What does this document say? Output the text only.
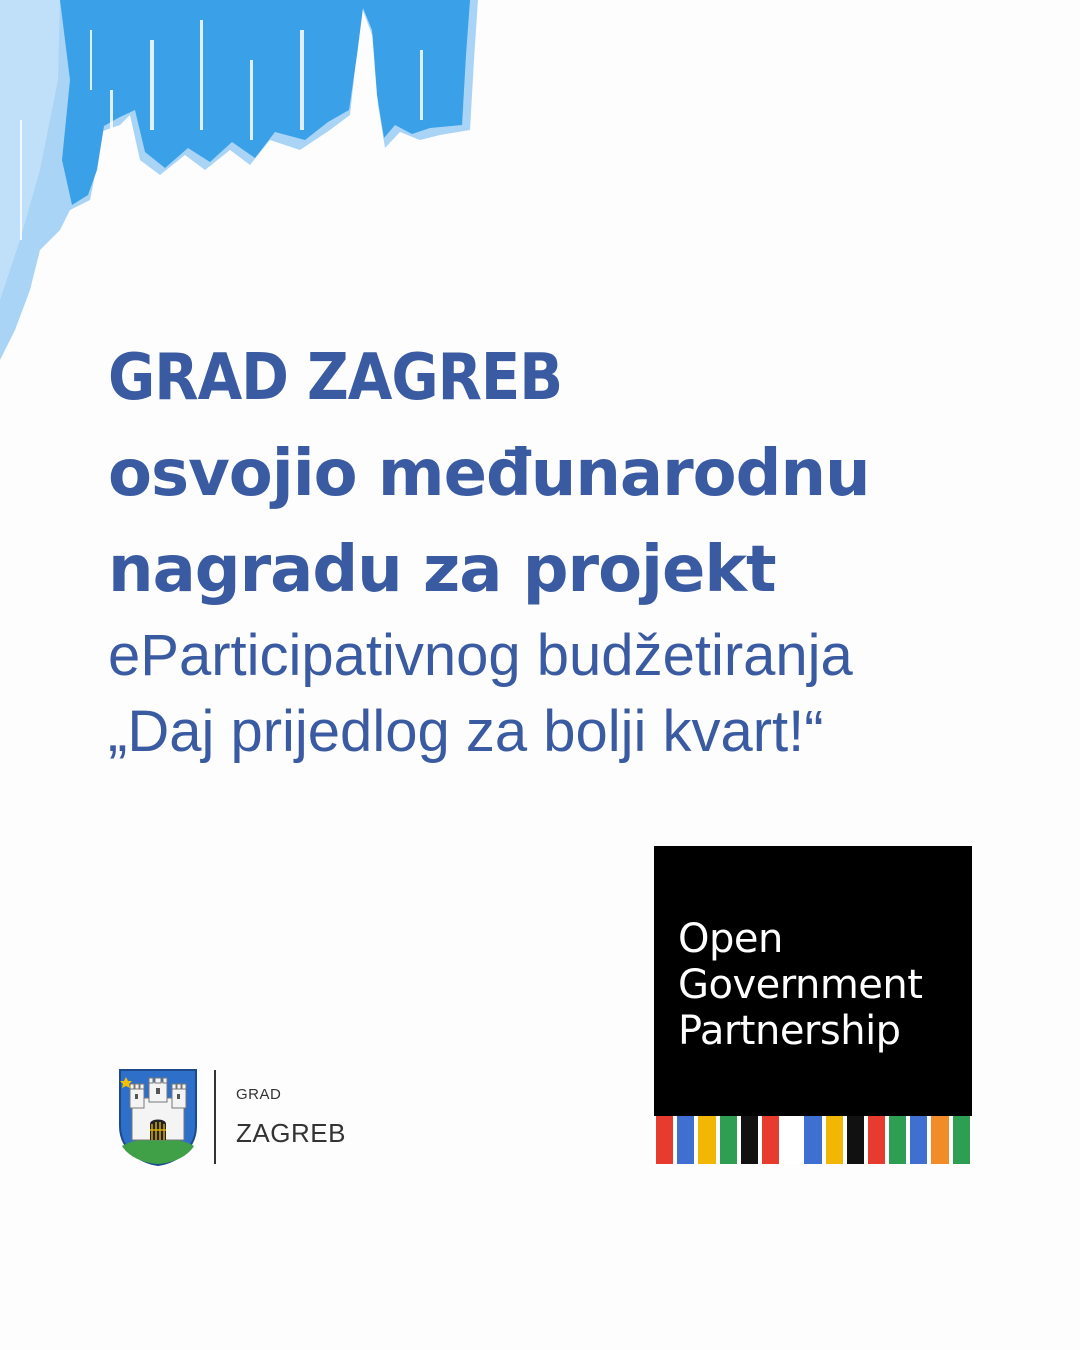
GRAD ZAGREB
osvojio međunarodnu
nagradu za projekt
eParticipativnog budžetiranja
„Daj prijedlog za bolji kvart!“
Open
Government
Partnership
GRAD
ZAGREB
